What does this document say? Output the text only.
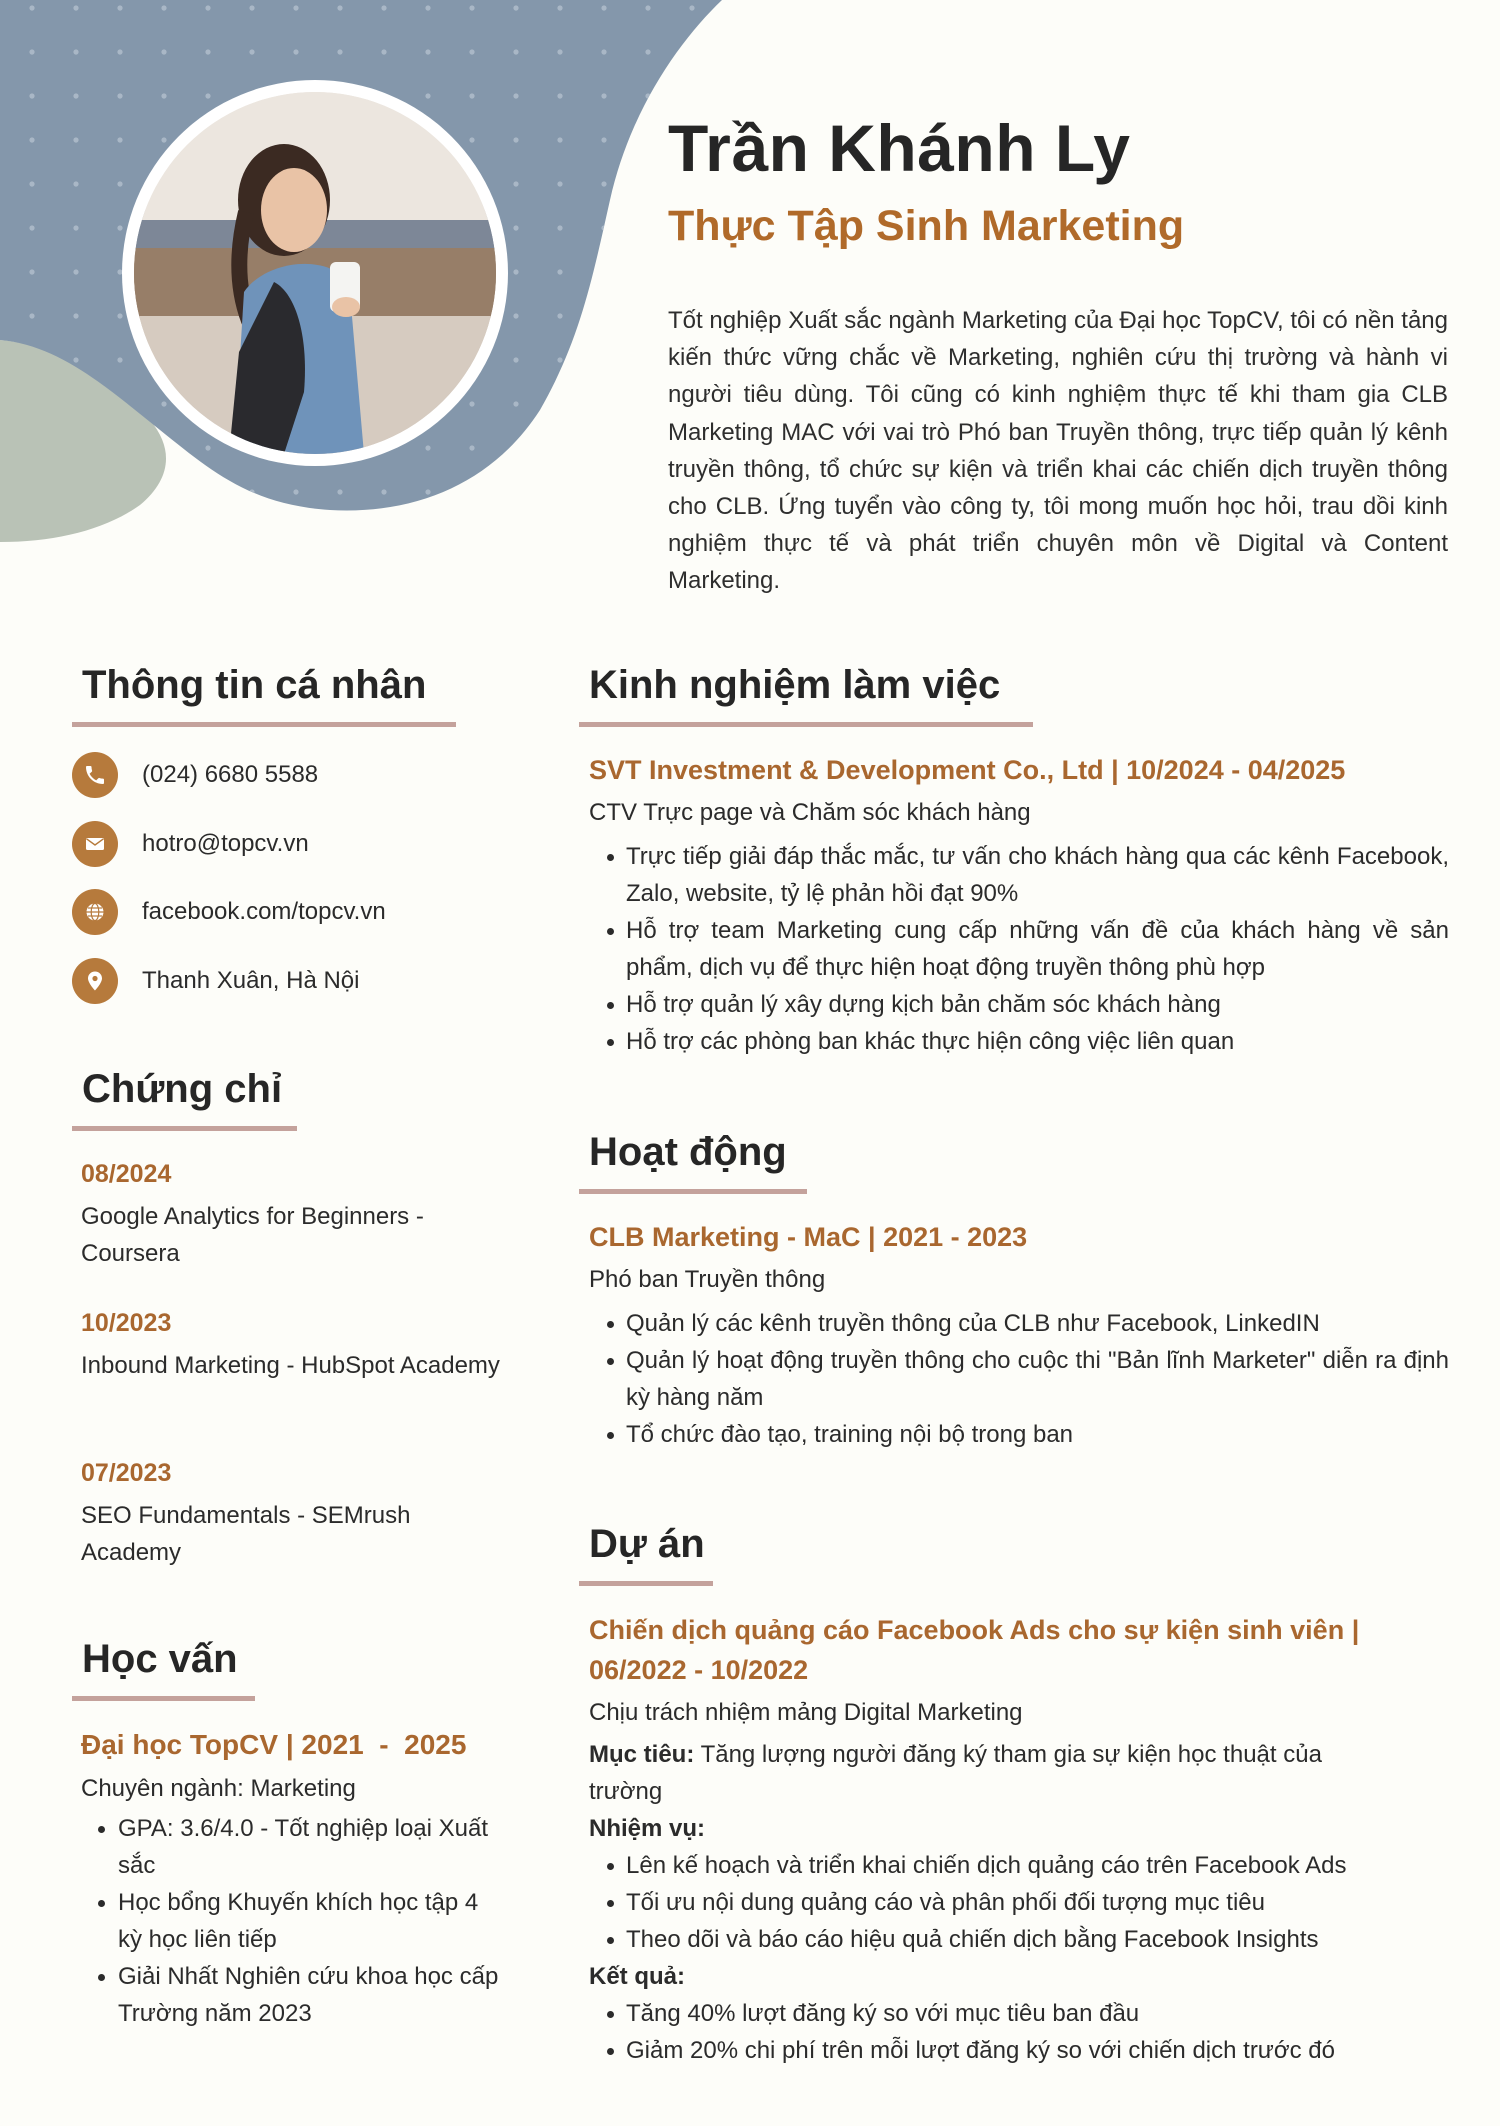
Trần Khánh Ly
Thực Tập Sinh Marketing

Tốt nghiệp Xuất sắc ngành Marketing của Đại học TopCV, tôi có nền tảng kiến thức vững chắc về Marketing, nghiên cứu thị trường và hành vi người tiêu dùng. Tôi cũng có kinh nghiệm thực tế khi tham gia CLB Marketing MAC với vai trò Phó ban Truyền thông, trực tiếp quản lý kênh truyền thông, tổ chức sự kiện và triển khai các chiến dịch truyền thông cho CLB. Ứng tuyển vào công ty, tôi mong muốn học hỏi, trau dồi kinh nghiệm thực tế và phát triển chuyên môn về Digital và Content Marketing.

Thông tin cá nhân
(024) 6680 5588
hotro@topcv.vn
facebook.com/topcv.vn
Thanh Xuân, Hà Nội
Chứng chỉ
08/2024
Google Analytics for Beginners - Coursera
10/2023
Inbound Marketing - HubSpot Academy
07/2023
SEO Fundamentals - SEMrush Academy
Học vấn
Đại học TopCV | 2021  -  2025
Chuyên ngành: Marketing
GPA: 3.6/4.0 - Tốt nghiệp loại Xuất sắc
Học bổng Khuyến khích học tập 4 kỳ học liên tiếp
Giải Nhất Nghiên cứu khoa học cấp Trường năm 2023
Kinh nghiệm làm việc
SVT Investment & Development Co., Ltd | 10/2024 - 04/2025
CTV Trực page và Chăm sóc khách hàng
Trực tiếp giải đáp thắc mắc, tư vấn cho khách hàng qua các kênh Facebook, Zalo, website, tỷ lệ phản hồi đạt 90%
Hỗ trợ team Marketing cung cấp những vấn đề của khách hàng về sản phẩm, dịch vụ để thực hiện hoạt động truyền thông phù hợp
Hỗ trợ quản lý xây dựng kịch bản chăm sóc khách hàng
Hỗ trợ các phòng ban khác thực hiện công việc liên quan
Hoạt động
CLB Marketing - MaC | 2021 - 2023
Phó ban Truyền thông
Quản lý các kênh truyền thông của CLB như Facebook, LinkedIN
Quản lý hoạt động truyền thông cho cuộc thi "Bản lĩnh Marketer" diễn ra định kỳ hàng năm
Tổ chức đào tạo, training nội bộ trong ban
Dự án
Chiến dịch quảng cáo Facebook Ads cho sự kiện sinh viên | 06/2022 - 10/2022
Chịu trách nhiệm mảng Digital Marketing
Mục tiêu: Tăng lượng người đăng ký tham gia sự kiện học thuật của trường
Nhiệm vụ:
Lên kế hoạch và triển khai chiến dịch quảng cáo trên Facebook Ads
Tối ưu nội dung quảng cáo và phân phối đối tượng mục tiêu
Theo dõi và báo cáo hiệu quả chiến dịch bằng Facebook Insights
Kết quả:
Tăng 40% lượt đăng ký so với mục tiêu ban đầu
Giảm 20% chi phí trên mỗi lượt đăng ký so với chiến dịch trước đó
